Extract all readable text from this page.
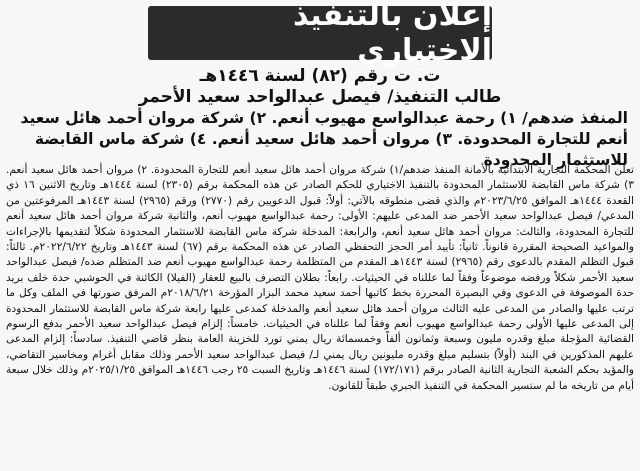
إعلان بالتنفيذ الاختياري
ت. ت رقم (٨٢) لسنة ١٤٤٦هـ
طالب التنفيذ/ فيصل عبدالواحد سعيد الأحمر
المنفذ ضدهم/ ١) رحمة عبدالواسع مهيوب أنعم. ٢) شركة مروان أحمد هائل سعيد أنعم للتجارة المحدودة. ٣) مروان أحمد هائل سعيد أنعم. ٤) شركة ماس القابضة للاستثمار المحدودة

تعلن المحكمة التجارية الابتدائية بالأمانة المنفذ ضدهم/١) شركة مروان أحمد هائل سعيد أنعم للتجارة المحدودة. ٢) مروان أحمد هائل سعيد أنعم. ٣) شركة ماس القابضة للاستثمار المحدودة بالتنفيذ الاختياري للحكم الصادر عن هذه المحكمة برقم (٢٣٠٥) لسنة ١٤٤٤هـ وتاريخ الاثنين ١٦ ذي القعدة ١٤٤٤هـ الموافق ٢٠٢٣/٦/٢٥م والذي قضى منطوقه بالآتي: أولاً: قبول الدعويين رقم (٢٧٧٠) ورقم (٢٩٦٥) لسنة ١٤٤٣هـ المرفوعتين من المدعي/ فيصل عبدالواحد سعيد الأحمر ضد المدعى عليهم: الأولى: رحمة عبدالواسع مهيوب أنعم، والثانية شركة مروان أحمد هائل سعيد أنعم للتجارة المحدودة، والثالث: مروان أحمد هائل سعيد أنعم، والرابعة: المدخلة شركة ماس القابضة للاستثمار المحدودة شكلاً لتقديمها بالإجراءات والمواعيد الصحيحة المقررة قانوناً. ثانياً: تأييد أمر الحجز التحفظي الصادر عن هذه المحكمة برقم (٦٧) لسنة ١٤٤٣هـ وتاريخ ٢٠٢٢/٦/٢٢م. ثالثاً: قبول التظلم المقدم بالدعوى رقم (٢٩٦٥) لسنة ١٤٤٣هـ المقدم من المتظلمة رحمة عبدالواسع مهيوب أنعم ضد المتظلم ضده/ فيصل عبدالواحد سعيد الأحمر شكلاً ورفضه موضوعاً وفقاً لما عللناه في الحيثيات. رابعاً: بطلان التصرف بالبيع للعقار (الفيلا) الكائنة في الحوشبي حدة خلف بريد حدة الموصوفة في الدعوى وفي البصيرة المحررة بخط كاتبها أحمد سعيد محمد البزار المؤرخة ٢٠١٨/٦/٢١م المرفق صورتها في الملف وكل ما ترتب عليها والصادر من المدعى عليه الثالث مروان أحمد هائل سعيد أنعم والمدخلة كمدعى عليها رابعة شركة ماس القابضة للاستثمار المحدودة إلى المدعى عليها الأولى رحمة عبدالواسع مهيوب أنعم وفقاً لما عللناه في الحيثيات. خامساً: إلزام فيصل عبدالواحد سعيد الأحمر بدفع الرسوم القضائية المؤجلة مبلغ وقدره مليون وسبعة وثمانون ألفاً وخمسمائة ريال يمني تورد للخزينة العامة بنظر قاضي التنفيذ. سادساً: إلزام المدعى عليهم المذكورين في البند (أولاً) بتسليم مبلغ وقدره مليونين ريال يمني لـ/ فيصل عبدالواحد سعيد الأحمر وذلك مقابل أغرام ومخاسير التقاضي، والمؤيد بحكم الشعبة التجارية الثانية الصادر برقم (١٧٢/١٧١) لسنة ١٤٤٦هـ وتاريخ السبت ٢٥ رجب ١٤٤٦هـ الموافق ٢٠٢٥/١/٢٥م وذلك خلال سبعة أيام من تاريخه ما لم ستسير المحكمة في التنفيذ الجبري طبقاً للقانون.
